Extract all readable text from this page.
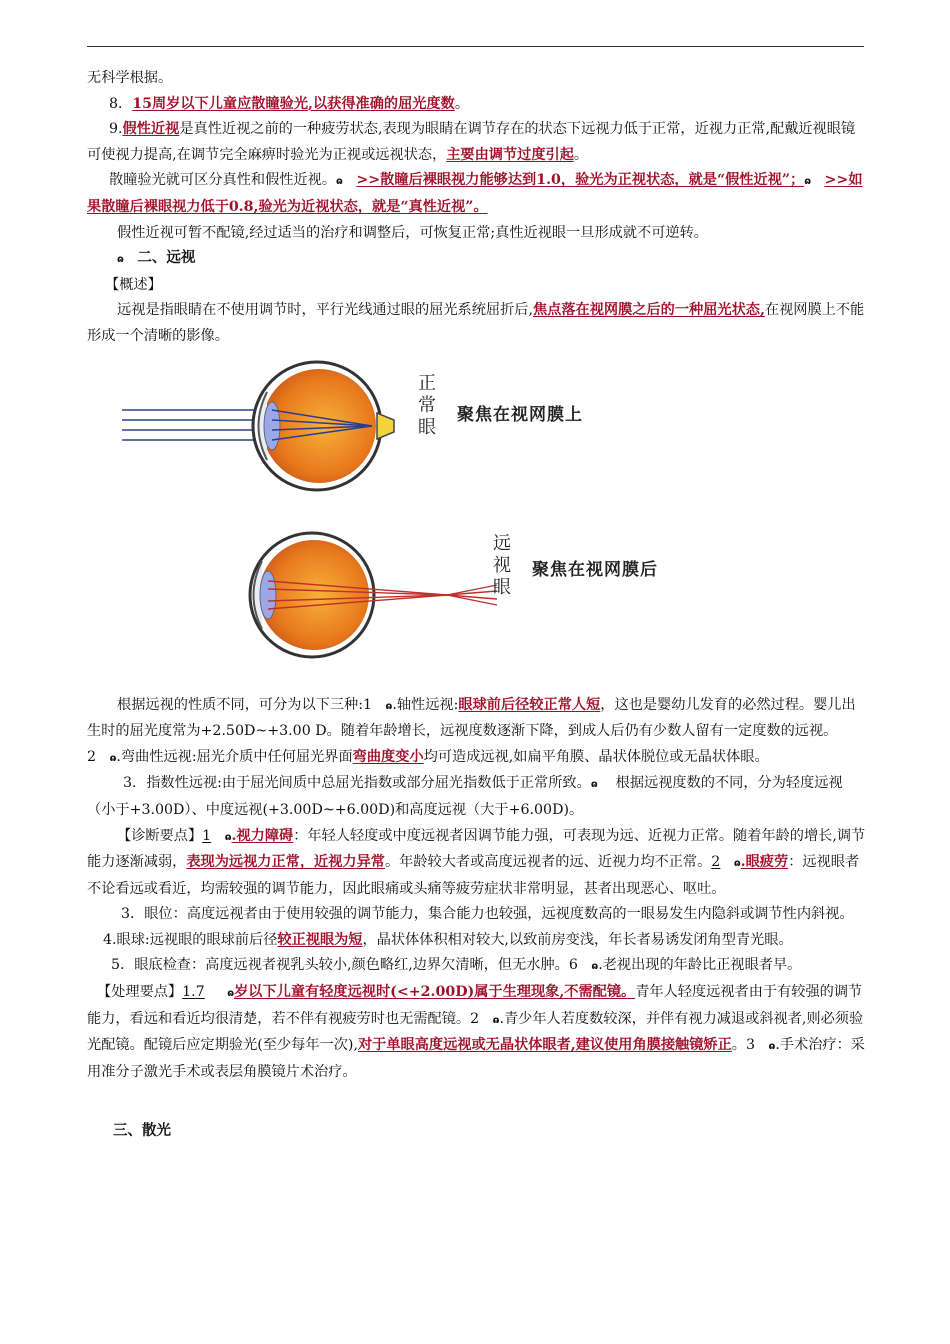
无科学根据。

8．15周岁以下儿童应散瞳验光,以获得准确的屈光度数。

9.假性近视是真性近视之前的一种疲劳状态,表现为眼睛在调节存在的状态下远视力低于正常，近视力正常,配戴近视眼镜可使视力提高,在调节完全麻痹时验光为正视或远视状态，主要由调节过度引起。

散瞳验光就可区分真性和假性近视。ɷ >>散瞳后裸眼视力能够达到1.0，验光为正视状态，就是“假性近视”；ɷ >>如果散瞳后裸眼视力低于0.8,验光为近视状态，就是“真性近视”。

假性近视可暂不配镜,经过适当的治疗和调整后，可恢复正常;真性近视眼一旦形成就不可逆转。

ɷ 二、远视

【概述】

远视是指眼睛在不使用调节时，平行光线通过眼的屈光系统屈折后,焦点落在视网膜之后的一种屈光状态,在视网膜上不能形成一个清晰的影像。

正
常
眼
聚焦在视网膜上
远
视
眼
聚焦在视网膜后

根据远视的性质不同，可分为以下三种:1 ɷ.轴性远视:眼球前后径较正常人短，这也是婴幼儿发育的必然过程。婴儿出生时的屈光度常为+2.50D~+3.00 D。随着年龄增长，远视度数逐渐下降，到成人后仍有少数人留有一定度数的远视。2 ɷ.弯曲性远视:屈光介质中任何屈光界面弯曲度变小均可造成远视,如扁平角膜、晶状体脱位或无晶状体眼。

3．指数性远视:由于屈光间质中总屈光指数或部分屈光指数低于正常所致。ɷ 根据远视度数的不同，分为轻度远视（小于+3.00D）、中度远视(+3.00D~+6.00D)和高度远视（大于+6.00D)。

【诊断要点】1 ɷ.视力障碍：年轻人轻度或中度远视者因调节能力强，可表现为远、近视力正常。随着年龄的增长,调节能力逐渐减弱，表现为远视力正常，近视力异常。年龄较大者或高度远视者的远、近视力均不正常。2 ɷ.眼疲劳：远视眼者不论看远或看近，均需较强的调节能力，因此眼痛或头痛等疲劳症状非常明显，甚者出现恶心、呕吐。

3．眼位：高度远视者由于使用较强的调节能力，集合能力也较强，远视度数高的一眼易发生内隐斜或调节性内斜视。

4.眼球:远视眼的眼球前后径较正视眼为短，晶状体体积相对较大,以致前房变浅，年长者易诱发闭角型青光眼。

5．眼底检查：高度远视者视乳头较小,颜色略红,边界欠清晰，但无水肿。6 ɷ.老视出现的年龄比正视眼者早。

【处理要点】1.7 ɷ岁以下儿童有轻度远视时(<+2.00D)属于生理现象,不需配镜。青年人轻度远视者由于有较强的调节能力，看远和看近均很清楚，若不伴有视疲劳时也无需配镜。2 ɷ.青少年人若度数较深，并伴有视力减退或斜视者,则必须验光配镜。配镜后应定期验光(至少每年一次),对于单眼高度远视或无晶状体眼者,建议使用角膜接触镜矫正。3 ɷ.手术治疗：采用准分子激光手术或表层角膜镜片术治疗。

三、散光
